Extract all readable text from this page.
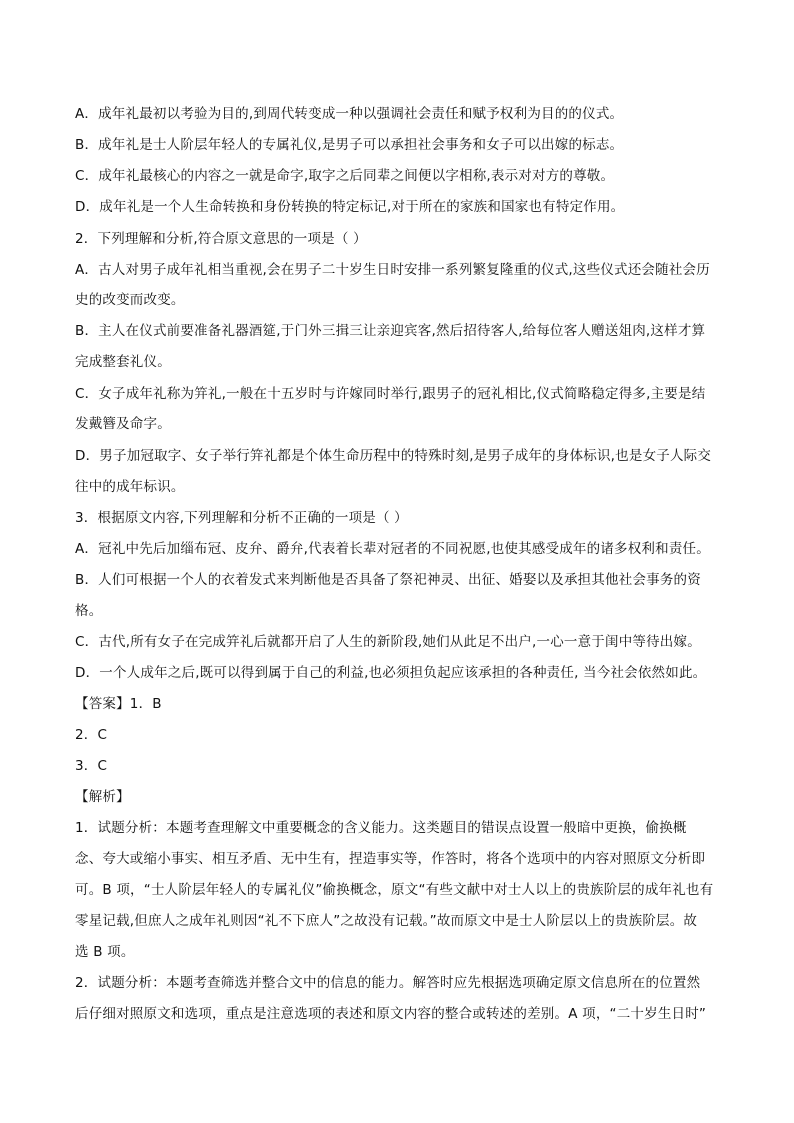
A．成年礼最初以考验为目的,到周代转变成一种以强调社会责任和赋予权利为目的的仪式。
B．成年礼是士人阶层年轻人的专属礼仪,是男子可以承担社会事务和女子可以出嫁的标志。
C．成年礼最核心的内容之一就是命字,取字之后同辈之间便以字相称,表示对对方的尊敬。
D．成年礼是一个人生命转换和身份转换的特定标记,对于所在的家族和国家也有特定作用。
2．下列理解和分析,符合原文意思的一项是（ ）
A．古人对男子成年礼相当重视,会在男子二十岁生日时安排一系列繁复隆重的仪式,这些仪式还会随社会历
史的改变而改变。
B．主人在仪式前要准备礼器酒筵,于门外三揖三让亲迎宾客,然后招待客人,给每位客人赠送俎肉,这样才算
完成整套礼仪。
C．女子成年礼称为笄礼,一般在十五岁时与许嫁同时举行,跟男子的冠礼相比,仪式简略稳定得多,主要是结
发戴簪及命字。
D．男子加冠取字、女子举行笄礼都是个体生命历程中的特殊时刻,是男子成年的身体标识,也是女子人际交
往中的成年标识。
3．根据原文内容,下列理解和分析不正确的一项是（ ）
A．冠礼中先后加缁布冠、皮弁、爵弁,代表着长辈对冠者的不同祝愿,也使其感受成年的诸多权利和责任。
B．人们可根据一个人的衣着发式来判断他是否具备了祭祀神灵、出征、婚娶以及承担其他社会事务的资
格。
C．古代,所有女子在完成笄礼后就都开启了人生的新阶段,她们从此足不出户,一心一意于闺中等待出嫁。
D．一个人成年之后,既可以得到属于自己的利益,也必须担负起应该承担的各种责任, 当今社会依然如此。
【答案】1．B
2．C
3．C
【解析】
1．试题分析：本题考查理解文中重要概念的含义能力。这类题目的错误点设置一般暗中更换，偷换概
念、夸大或缩小事实、相互矛盾、无中生有，捏造事实等，作答时，将各个选项中的内容对照原文分析即
可。B 项，“士人阶层年轻人的专属礼仪”偷换概念，原文“有些文献中对士人以上的贵族阶层的成年礼也有
零星记载,但庶人之成年礼则因“礼不下庶人”之故没有记载。”故而原文中是士人阶层以上的贵族阶层。故
选 B 项。
2．试题分析：本题考查筛选并整合文中的信息的能力。解答时应先根据选项确定原文信息所在的位置然
后仔细对照原文和选项，重点是注意选项的表述和原文内容的整合或转述的差别。A 项，“二十岁生日时”
